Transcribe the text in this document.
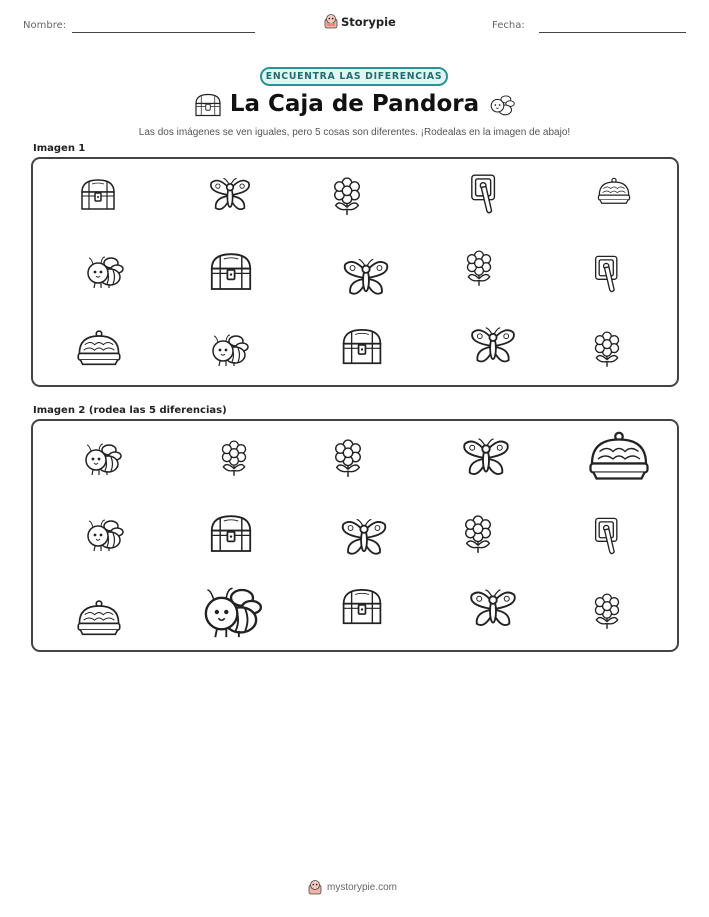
Nombre:	Storypie	Fecha:
ENCUENTRA LAS DIFERENCIAS
La Caja de Pandora
Las dos imágenes se ven iguales, pero 5 cosas son diferentes. ¡Rodealas en la imagen de abajo!
Imagen 1
Imagen 2 (rodea las 5 diferencias)
mystorypie.com
